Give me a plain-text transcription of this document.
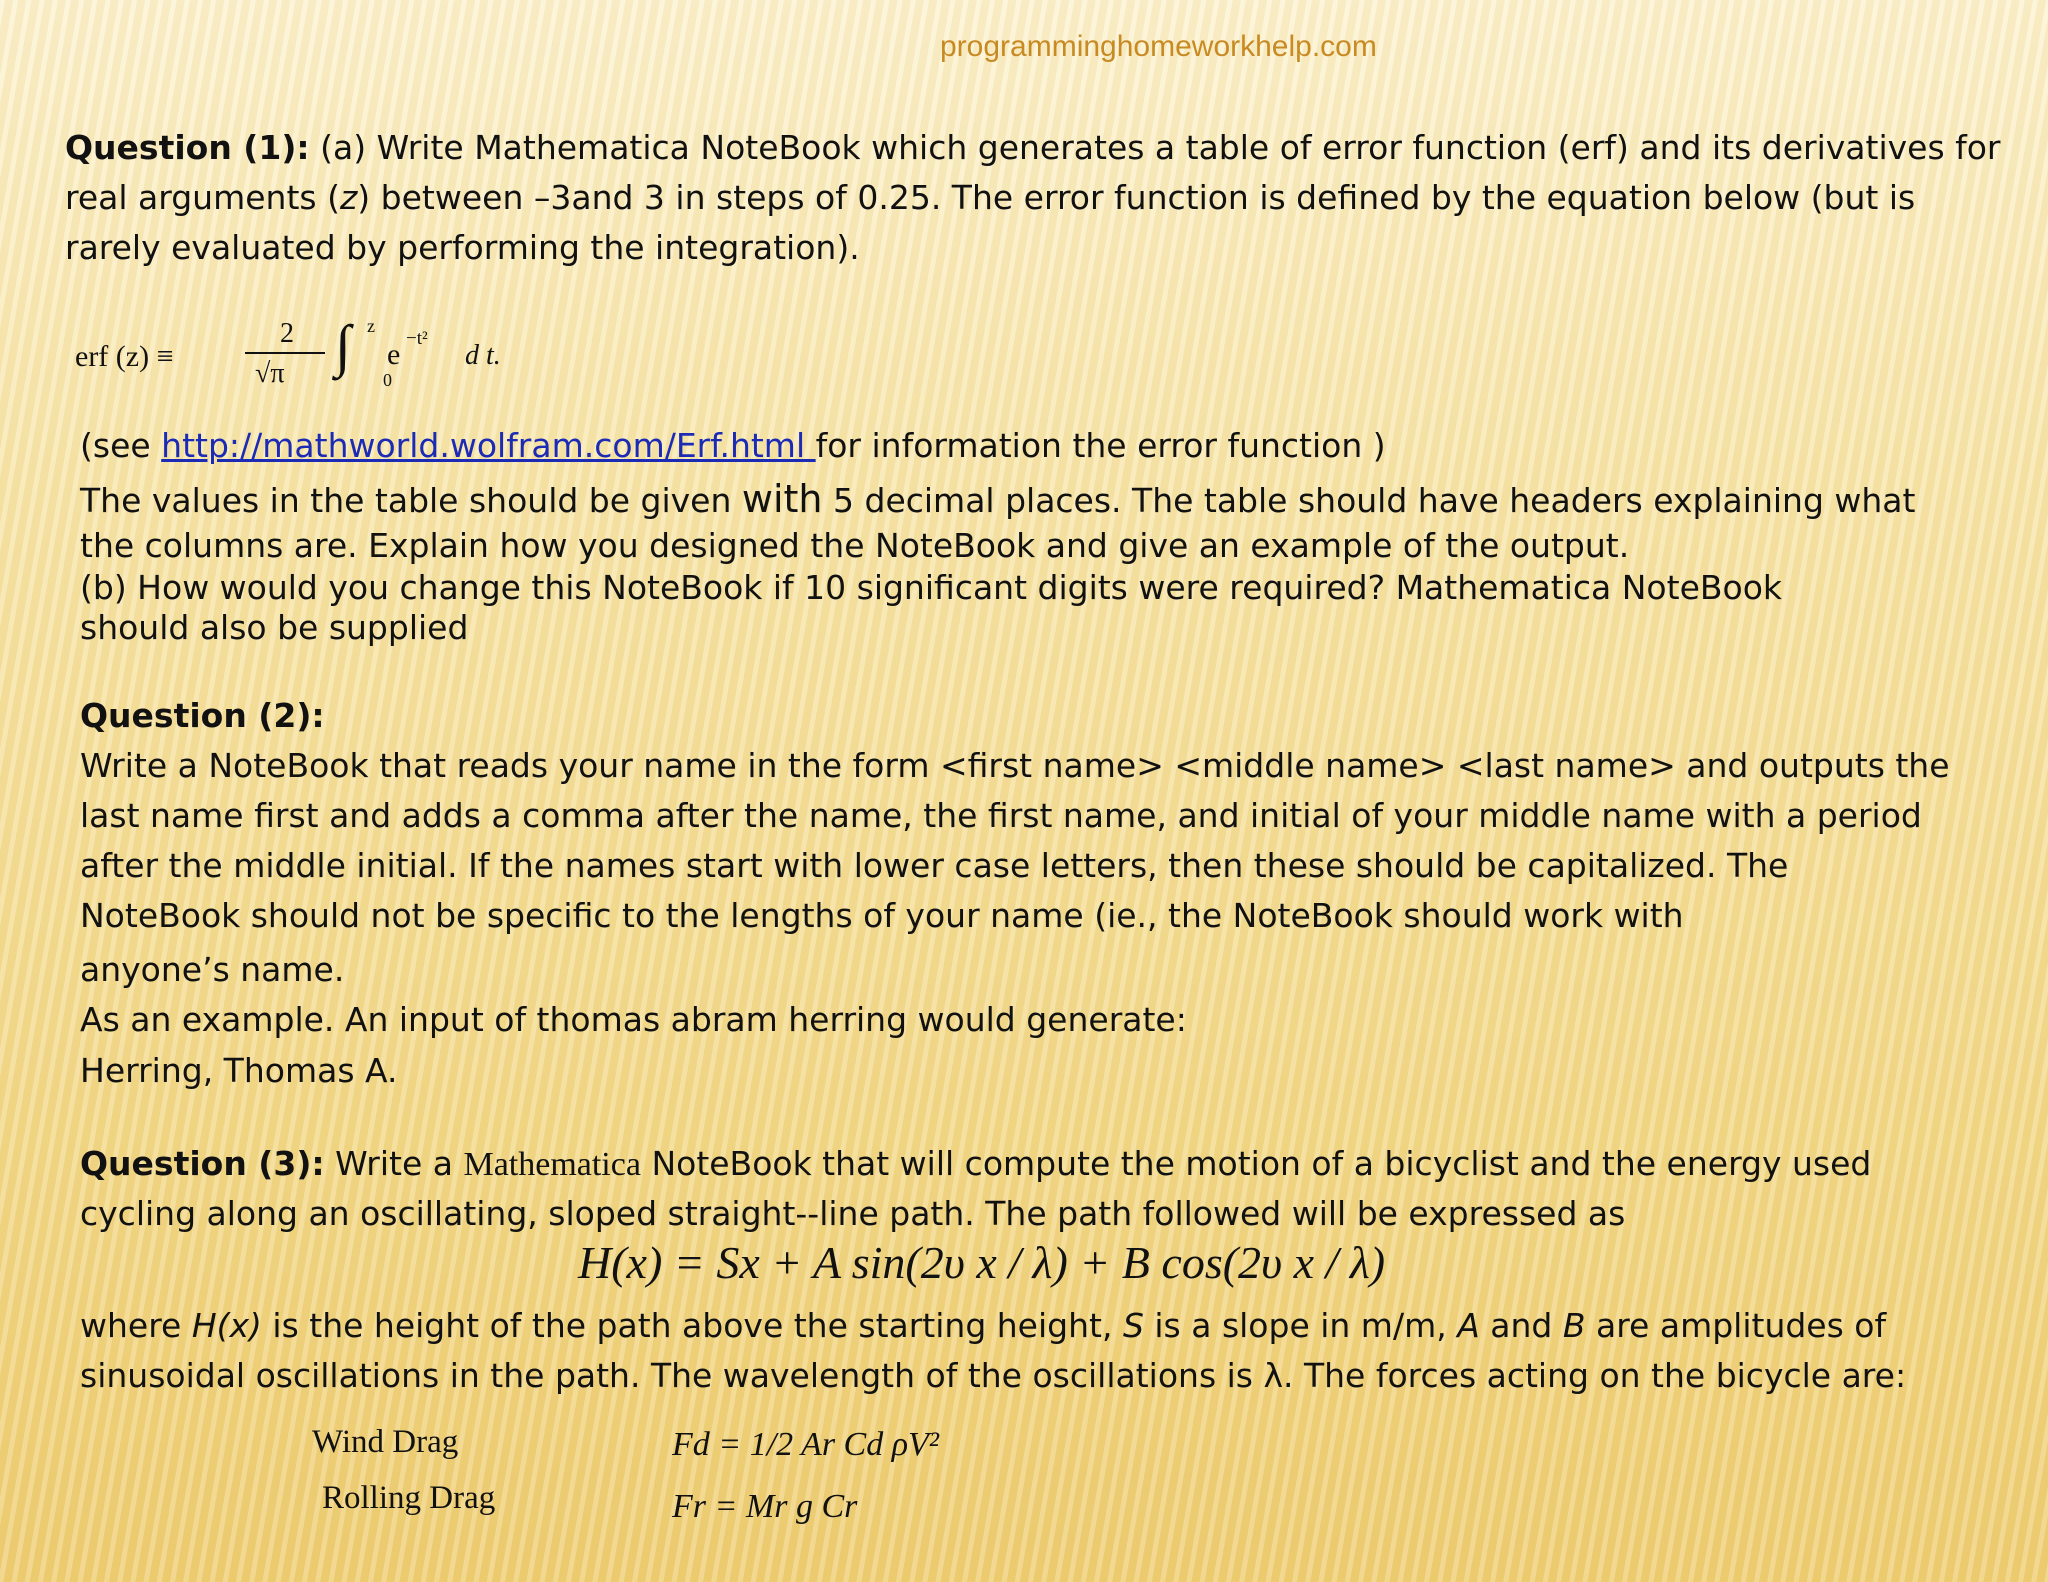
programminghomeworkhelp.com
Question (1): (a) Write Mathematica NoteBook which generates a table of error function (erf) and its derivatives for
real arguments (z) between –3and 3 in steps of 0.25. The error function is defined by the equation below (but is
rarely evaluated by performing the integration).
erf (z) ≡
2
√π ∫ z
0
e −t²
d t.
(see http://mathworld.wolfram.com/Erf.html for information the error function )
The values in the table should be given with 5 decimal places. The table should have headers explaining what
the columns are. Explain how you designed the NoteBook and give an example of the output.
(b) How would you change this NoteBook if 10 significant digits were required? Mathematica NoteBook
should also be supplied
Question (2):
Write a NoteBook that reads your name in the form <first name> <middle name> <last name> and outputs the
last name first and adds a comma after the name, the first name, and initial of your middle name with a period
after the middle initial. If the names start with lower case letters, then these should be capitalized. The
NoteBook should not be specific to the lengths of your name (ie., the NoteBook should work with
anyone’s name.
As an example. An input of thomas abram herring would generate:
Herring, Thomas A.
Question (3): Write a Mathematica NoteBook that will compute the motion of a bicyclist and the energy used
cycling along an oscillating, sloped straight--line path. The path followed will be expressed as
H(x) = Sx + A sin(2υ x / λ) + B cos(2υ x / λ)
where H(x) is the height of the path above the starting height, S is a slope in m/m, A and B are amplitudes of
sinusoidal oscillations in the path. The wavelength of the oscillations is λ. The forces acting on the bicycle are:
Wind Drag	Fd = 1/2 Ar Cd ρV²
Rolling Drag	Fr = Mr g Cr
